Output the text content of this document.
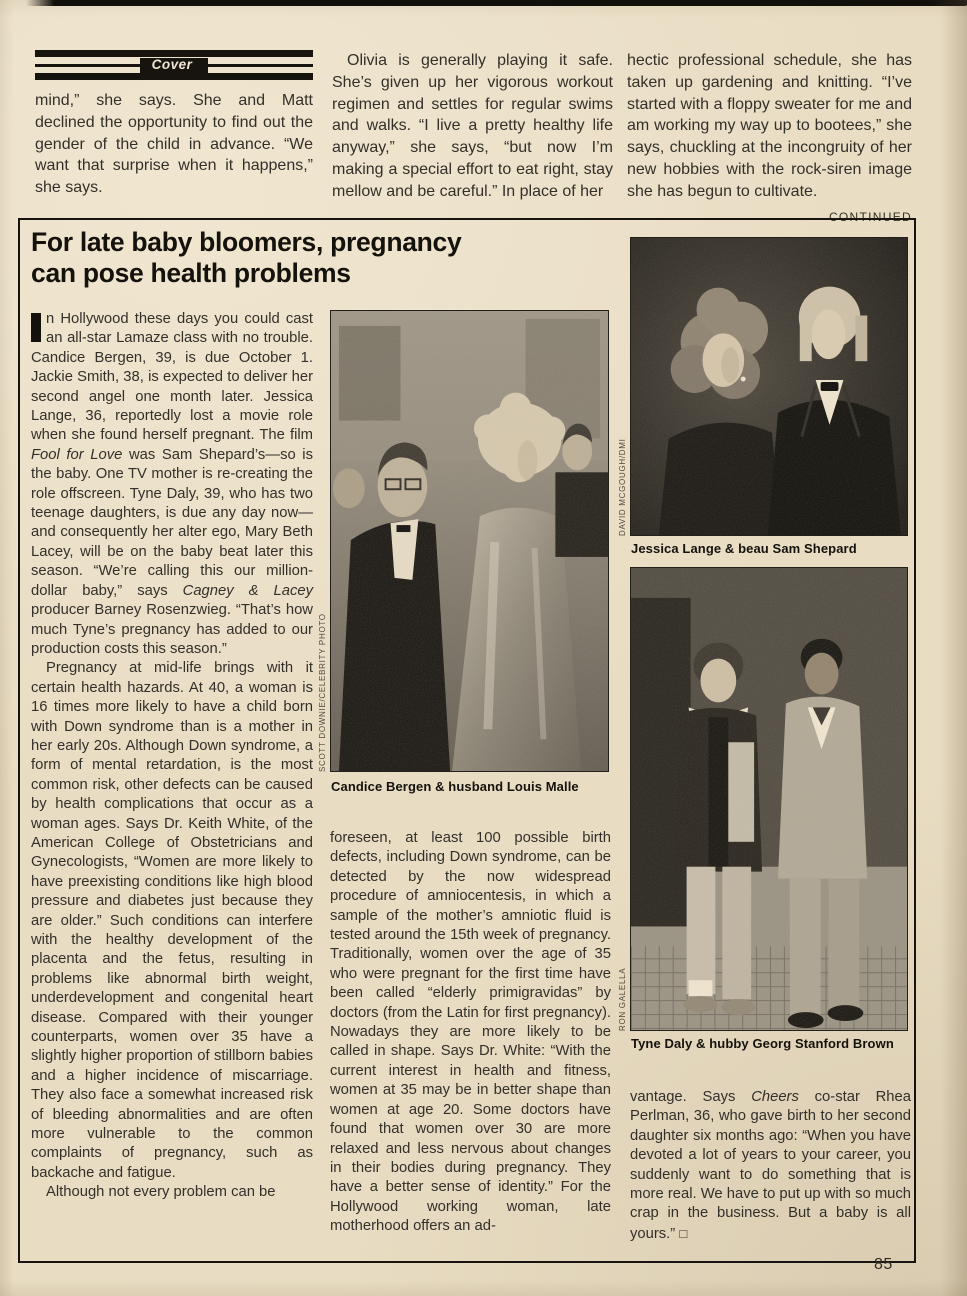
Cover

mind,” she says. She and Matt declined the opportunity to find out the gender of the child in advance. “We want that surprise when it happens,” she says.

Olivia is generally playing it safe. She’s given up her vigorous workout regimen and settles for regular swims and walks. “I live a pretty healthy life anyway,” she says, “but now I’m making a special effort to eat right, stay mellow and be careful.” In place of her

hectic professional schedule, she has taken up gardening and knitting. “I’ve started with a floppy sweater for me and am working my way up to bootees,” she says, chuckling at the incongruity of her new hobbies with the rock-siren image she has begun to cultivate.

CONTINUED
For late baby bloomers, pregnancy
can pose health problems

n Hollywood these days you could cast an all-star Lamaze class with no trouble. Candice Bergen, 39, is due October 1. Jackie Smith, 38, is expected to deliver her second angel one month later. Jessica Lange, 36, reportedly lost a movie role when she found herself pregnant. The film Fool for Love was Sam Shepard’s—so is the baby. One TV mother is re-creating the role offscreen. Tyne Daly, 39, who has two teenage daughters, is due any day now—and consequently her alter ego, Mary Beth Lacey, will be on the baby beat later this season. “We’re calling this our million-dollar baby,” says Cagney & Lacey producer Barney Rosenzwieg. “That’s how much Tyne’s pregnancy has added to our production costs this season.”

Pregnancy at mid-life brings with it certain health hazards. At 40, a woman is 16 times more likely to have a child born with Down syndrome than is a mother in her early 20s. Although Down syndrome, a form of mental retardation, is the most common risk, other defects can be caused by health complications that occur as a woman ages. Says Dr. Keith White, of the American College of Obstetricians and Gynecologists, “Women are more likely to have preexisting conditions like high blood pressure and diabetes just because they are older.” Such conditions can interfere with the healthy development of the placenta and the fetus, resulting in problems like abnormal birth weight, underdevelopment and congenital heart disease. Compared with their younger counterparts, women over 35 have a slightly higher proportion of stillborn babies and a higher incidence of miscarriage. They also face a somewhat increased risk of bleeding abnormalities and are often more vulnerable to the common complaints of pregnancy, such as backache and fatigue.

Although not every problem can be

SCOTT DOWNIE/CELEBRITY PHOTO

Candice Bergen & husband Louis Malle

foreseen, at least 100 possible birth defects, including Down syndrome, can be detected by the now widespread procedure of amniocentesis, in which a sample of the mother’s amniotic fluid is tested around the 15th week of pregnancy. Traditionally, women over the age of 35 who were pregnant for the first time have been called “elderly primigravidas” by doctors (from the Latin for first pregnancy). Nowadays they are more likely to be called in shape. Says Dr. White: “With the current interest in health and fitness, women at 35 may be in better shape than women at age 20. Some doctors have found that women over 30 are more relaxed and less nervous about changes in their bodies during pregnancy. They have a better sense of identity.” For the Hollywood working woman, late motherhood offers an ad-

DAVID MCGOUGH/DMI

Jessica Lange & beau Sam Shepard

RON GALELLA

Tyne Daly & hubby Georg Stanford Brown

vantage. Says Cheers co-star Rhea Perlman, 36, who gave birth to her second daughter six months ago: “When you have devoted a lot of years to your career, you suddenly want to do something that is more real. We have to put up with so much crap in the business. But a baby is all yours.” □

85
